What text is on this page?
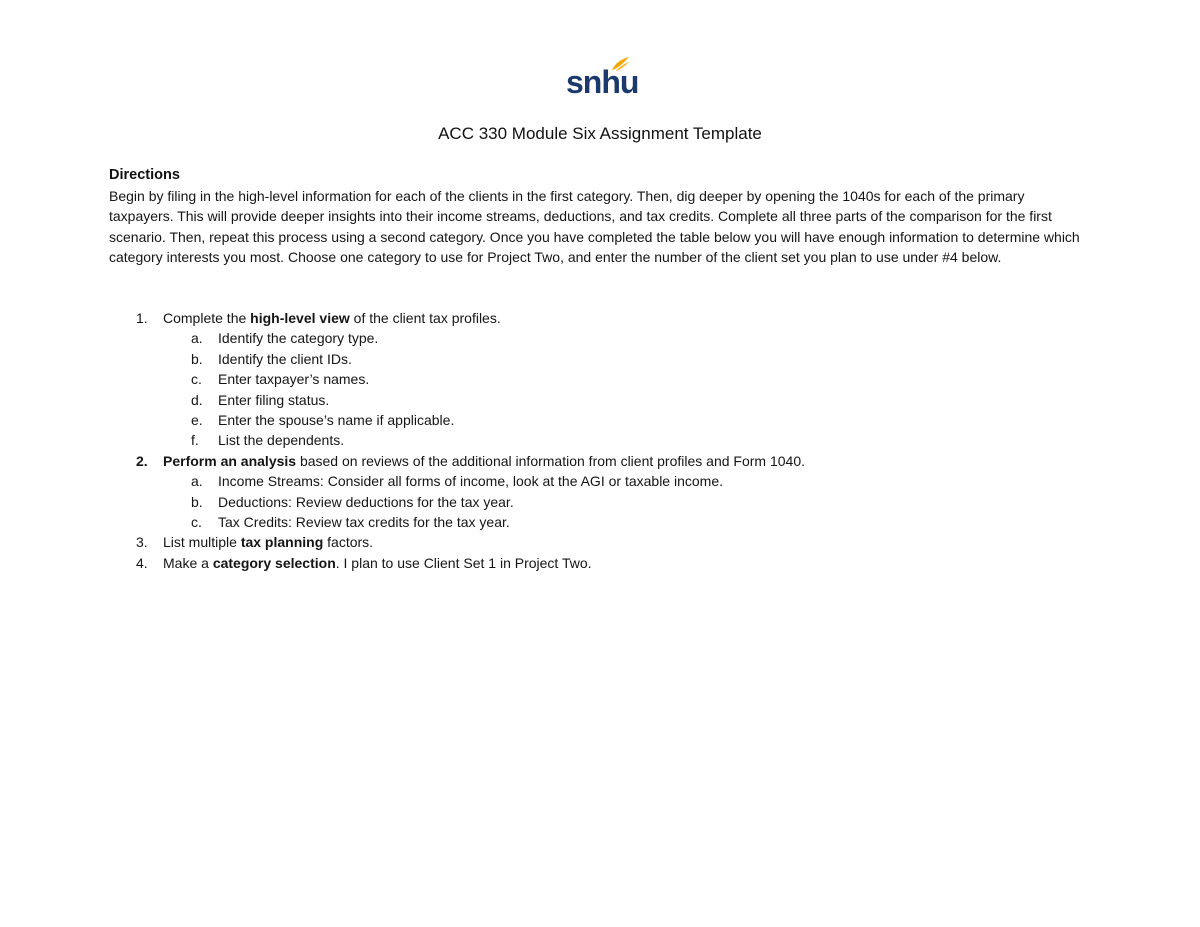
snhu
ACC 330 Module Six Assignment Template
Directions
Begin by filing in the high-level information for each of the clients in the first category. Then, dig deeper by opening the 1040s for each of the primary taxpayers. This will provide deeper insights into their income streams, deductions, and tax credits. Complete all three parts of the comparison for the first scenario. Then, repeat this process using a second category. Once you have completed the table below you will have enough information to determine which category interests you most. Choose one category to use for Project Two, and enter the number of the client set you plan to use under #4 below.
1.	Complete the high-level view of the client tax profiles.
a.	Identify the category type.
b.	Identify the client IDs.
c.	Enter taxpayer’s names.
d.	Enter filing status.
e.	Enter the spouse’s name if applicable.
f.	List the dependents.
2.	Perform an analysis based on reviews of the additional information from client profiles and Form 1040.
a.	Income Streams: Consider all forms of income, look at the AGI or taxable income.
b.	Deductions: Review deductions for the tax year.
c.	Tax Credits: Review tax credits for the tax year.
3.	List multiple tax planning factors.
4.	Make a category selection. I plan to use Client Set 1 in Project Two.
